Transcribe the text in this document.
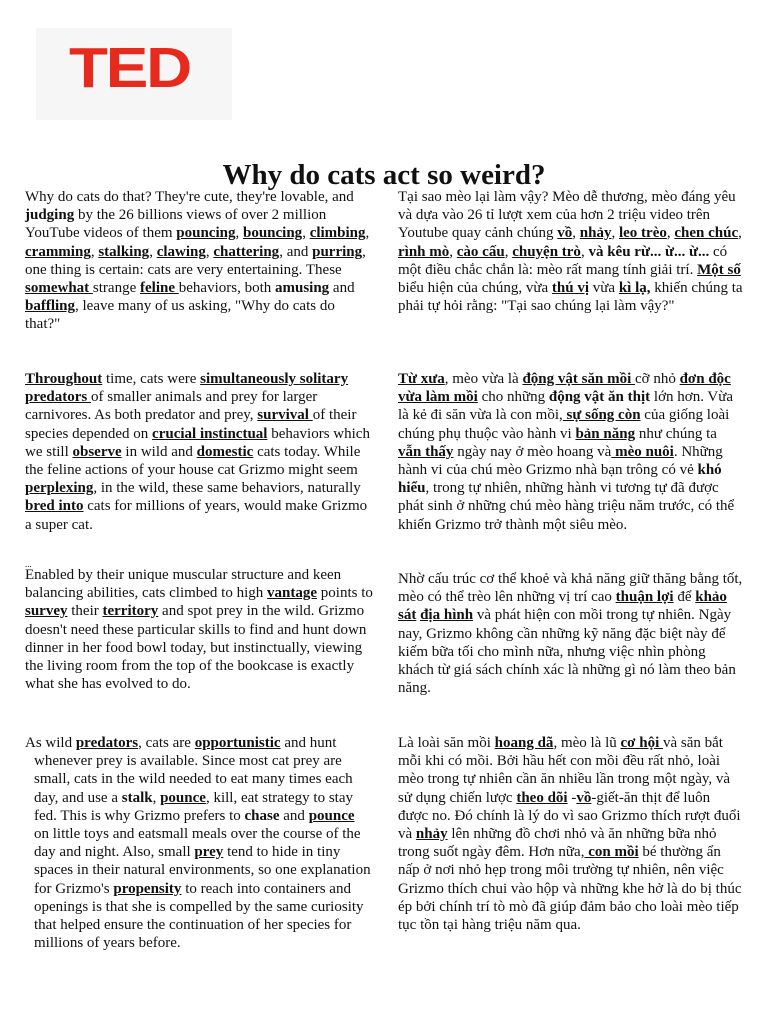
TED
Why do cats act so weird?

Why do cats do that? They're cute, they're lovable, and judging by the 26 billions views of over 2 million YouTube videos of them pouncing, bouncing, climbing, cramming, stalking, clawing, chattering, and purring, one thing is certain: cats are very entertaining. These somewhat strange feline behaviors, both amusing and baffling, leave many of us asking, "Why do cats do that?"

Throughout time, cats were simultaneously solitary predators of smaller animals and prey for larger carnivores. As both predator and prey, survival of their species depended on crucial instinctual behaviors which we still observe in wild and domestic cats today. While the feline actions of your house cat Grizmo might seem perplexing, in the wild, these same behaviors, naturally bred into cats for millions of years, would make Grizmo a super cat.

Enabled by their unique muscular structure and keen balancing abilities, cats climbed to high vantage points to survey their territory and spot prey in the wild. Grizmo doesn't need these particular skills to find and hunt down dinner in her food bowl today, but instinctually, viewing the living room from the top of the bookcase is exactly what she has evolved to do.

As wild predators, cats are opportunistic and hunt whenever prey is available. Since most cat prey are small, cats in the wild needed to eat many times each day, and use a stalk, pounce, kill, eat strategy to stay fed. This is why Grizmo prefers to chase and pounce on little toys and eatsmall meals over the course of the day and night. Also, small prey tend to hide in tiny spaces in their natural environments, so one explanation for Grizmo's propensity to reach into containers and openings is that she is compelled by the same curiosity that helped ensure the continuation of her species for millions of years before.

...

Tại sao mèo lại làm vậy? Mèo dễ thương, mèo đáng yêu và dựa vào 26 tỉ lượt xem của hơn 2 triệu video trên Youtube quay cảnh chúng vồ, nhảy, leo trèo, chen chúc, rình mò, cào cấu, chuyện trò, và kêu rừ... ừ... ừ... có một điều chắc chắn là: mèo rất mang tính giải trí. Một số biểu hiện của chúng, vừa thú vị vừa kì lạ, khiến chúng ta phải tự hỏi rằng: "Tại sao chúng lại làm vậy?"

Từ xưa, mèo vừa là động vật săn mồi cỡ nhỏ đơn độc vừa làm mồi cho những động vật ăn thịt lớn hơn. Vừa là kẻ đi săn vừa là con mồi, sự sống còn của giống loài chúng phụ thuộc vào hành vi bản năng như chúng ta vẫn thấy ngày nay ở mèo hoang và mèo nuôi. Những hành vi của chú mèo Grizmo nhà bạn trông có vẻ khó hiểu, trong tự nhiên, những hành vi tương tự đã được phát sinh ở những chú mèo hàng triệu năm trước, có thể khiến Grizmo trở thành một siêu mèo.

Nhờ cấu trúc cơ thể khoẻ và khả năng giữ thăng bằng tốt, mèo có thể trèo lên những vị trí cao thuận lợi để khảo sát địa hình và phát hiện con mồi trong tự nhiên. Ngày nay, Grizmo không cần những kỹ năng đặc biệt này để kiếm bữa tối cho mình nữa, nhưng việc nhìn phòng khách từ giá sách chính xác là những gì nó làm theo bản năng.

Là loài săn mồi hoang dã, mèo là lũ cơ hội và săn bắt mỗi khi có mồi. Bởi hầu hết con mồi đều rất nhỏ, loài mèo trong tự nhiên cần ăn nhiều lần trong một ngày, và sử dụng chiến lược theo dõi -vồ-giết-ăn thịt để luôn được no. Đó chính là lý do vì sao Grizmo thích rượt đuổi và nhảy lên những đồ chơi nhỏ và ăn những bữa nhỏ trong suốt ngày đêm. Hơn nữa, con mồi bé thường ẩn nấp ở nơi nhỏ hẹp trong môi trường tự nhiên, nên việc Grizmo thích chui vào hộp và những khe hở là do bị thúc ép bởi chính trí tò mò đã giúp đảm bảo cho loài mèo tiếp tục tồn tại hàng triệu năm qua.
